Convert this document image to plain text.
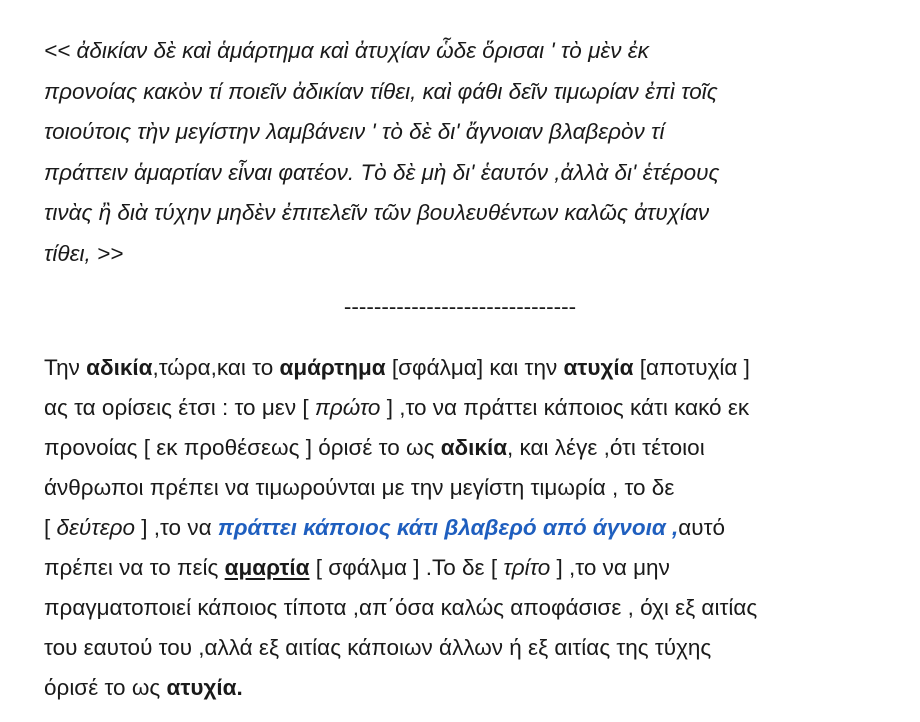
<< ἀδικίαν δὲ καὶ ἁμάρτημα καὶ ἀτυχίαν ὧδε ὅρισαι ' τὸ μὲν ἐκ
προνοίας κακὸν τί ποιεῖν ἀδικίαν τίθει, καὶ φάθι δεῖν τιμωρίαν ἐπὶ τοῖς
τοιούτοις τὴν μεγίστην λαμβάνειν ' τὸ δὲ δι' ἄγνοιαν βλαβερὸν τί
πράττειν ἁμαρτίαν εἶναι φατέον. Τὸ δὲ μὴ δι' ἑαυτόν ,ἀλλὰ δι' ἑτέρους
τινὰς ἢ διὰ τύχην μηδὲν ἐπιτελεῖν τῶν βουλευθέντων καλῶς ἀτυχίαν
τίθει, >>
-------------------------------
Την αδικία,τώρα,και το αμάρτημα [σφάλμα] και την ατυχία [αποτυχία ]
ας τα ορίσεις έτσι : το μεν [ πρώτο ] ,το να πράττει κάποιος κάτι κακό εκ
προνοίας [ εκ προθέσεως ] όρισέ το ως αδικία, και λέγε ,ότι τέτοιοι
άνθρωποι πρέπει να τιμωρούνται με την μεγίστη τιμωρία , το δε
[ δεύτερο ] ,το να πράττει κάποιος κάτι βλαβερό από άγνοια ,αυτό
πρέπει να το πείς αμαρτία [ σφάλμα ] .Το δε [ τρίτο ] ,το να μην
πραγματοποιεί κάποιος τίποτα ,απ΄όσα καλώς αποφάσισε , όχι εξ αιτίας
του εαυτού του ,αλλά εξ αιτίας κάποιων άλλων ή εξ αιτίας της τύχης
όρισέ το ως ατυχία.
